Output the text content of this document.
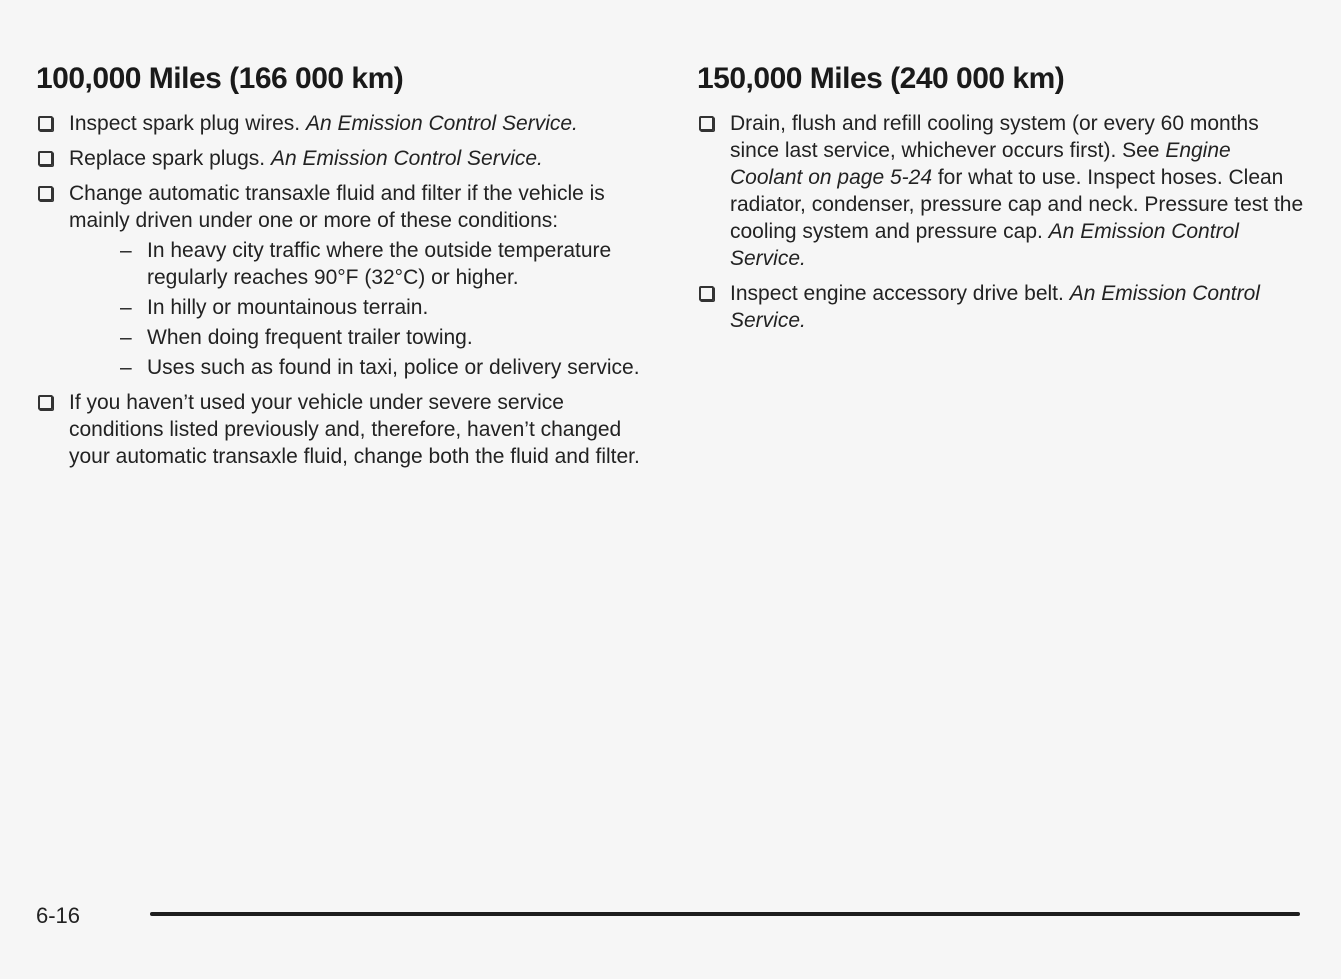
100,000 Miles (166 000 km)
Inspect spark plug wires. An Emission Control Service.
Replace spark plugs. An Emission Control Service.
Change automatic transaxle fluid and filter if the vehicle is mainly driven under one or more of these conditions:
– In heavy city traffic where the outside temperature regularly reaches 90°F (32°C) or higher.
– In hilly or mountainous terrain.
– When doing frequent trailer towing.
– Uses such as found in taxi, police or delivery service.
If you haven’t used your vehicle under severe service conditions listed previously and, therefore, haven’t changed your automatic transaxle fluid, change both the fluid and filter.
150,000 Miles (240 000 km)
Drain, flush and refill cooling system (or every 60 months since last service, whichever occurs first). See Engine Coolant on page 5-24 for what to use. Inspect hoses. Clean radiator, condenser, pressure cap and neck. Pressure test the cooling system and pressure cap. An Emission Control Service.
Inspect engine accessory drive belt. An Emission Control Service.
6-16
